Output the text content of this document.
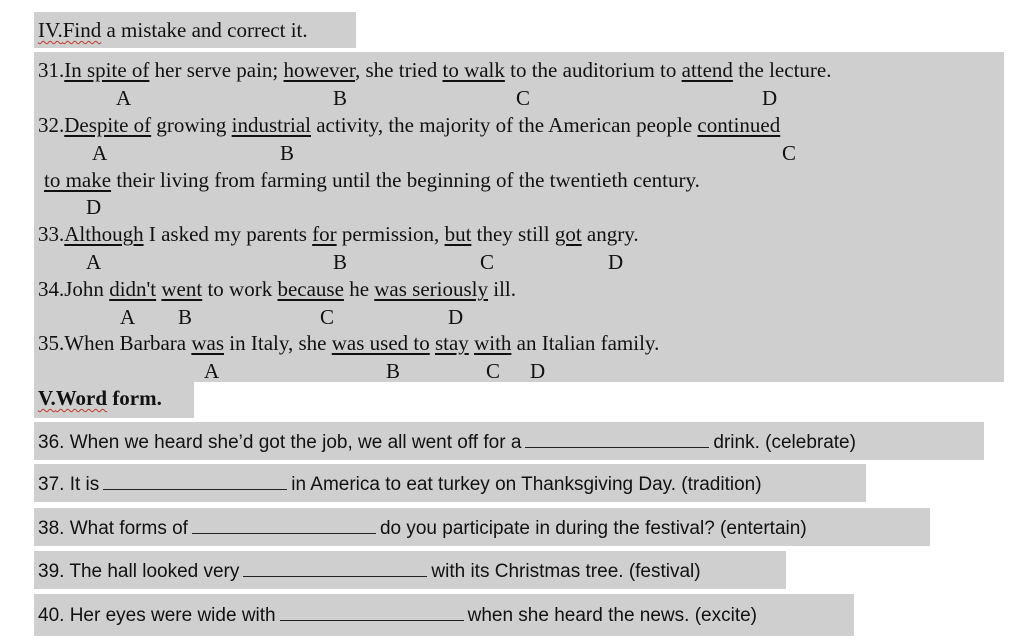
IV.Find a mistake and correct it.
31.In spite of her serve pain; however, she tried to walk to the auditorium to attend the lecture.
A	B	C	D
32.Despite of growing industrial activity, the majority of the American people continued
A	B	C
to make their living from farming until the beginning of the twentieth century.
D
33.Although I asked my parents for permission, but they still got angry.
A	B	C	D
34.John didn't went to work because he was seriously ill.
A B	C	D
35.When Barbara was in Italy, she was used to stay with an Italian family.
A	B	C D
V.Word form.
36. When we heard she’d got the job, we all went off for a	drink. (celebrate)
37. It is	in America to eat turkey on Thanksgiving Day. (tradition)
38. What forms of	do you participate in during the festival? (entertain)
39. The hall looked very	with its Christmas tree. (festival)
40. Her eyes were wide with	when she heard the news. (excite)
